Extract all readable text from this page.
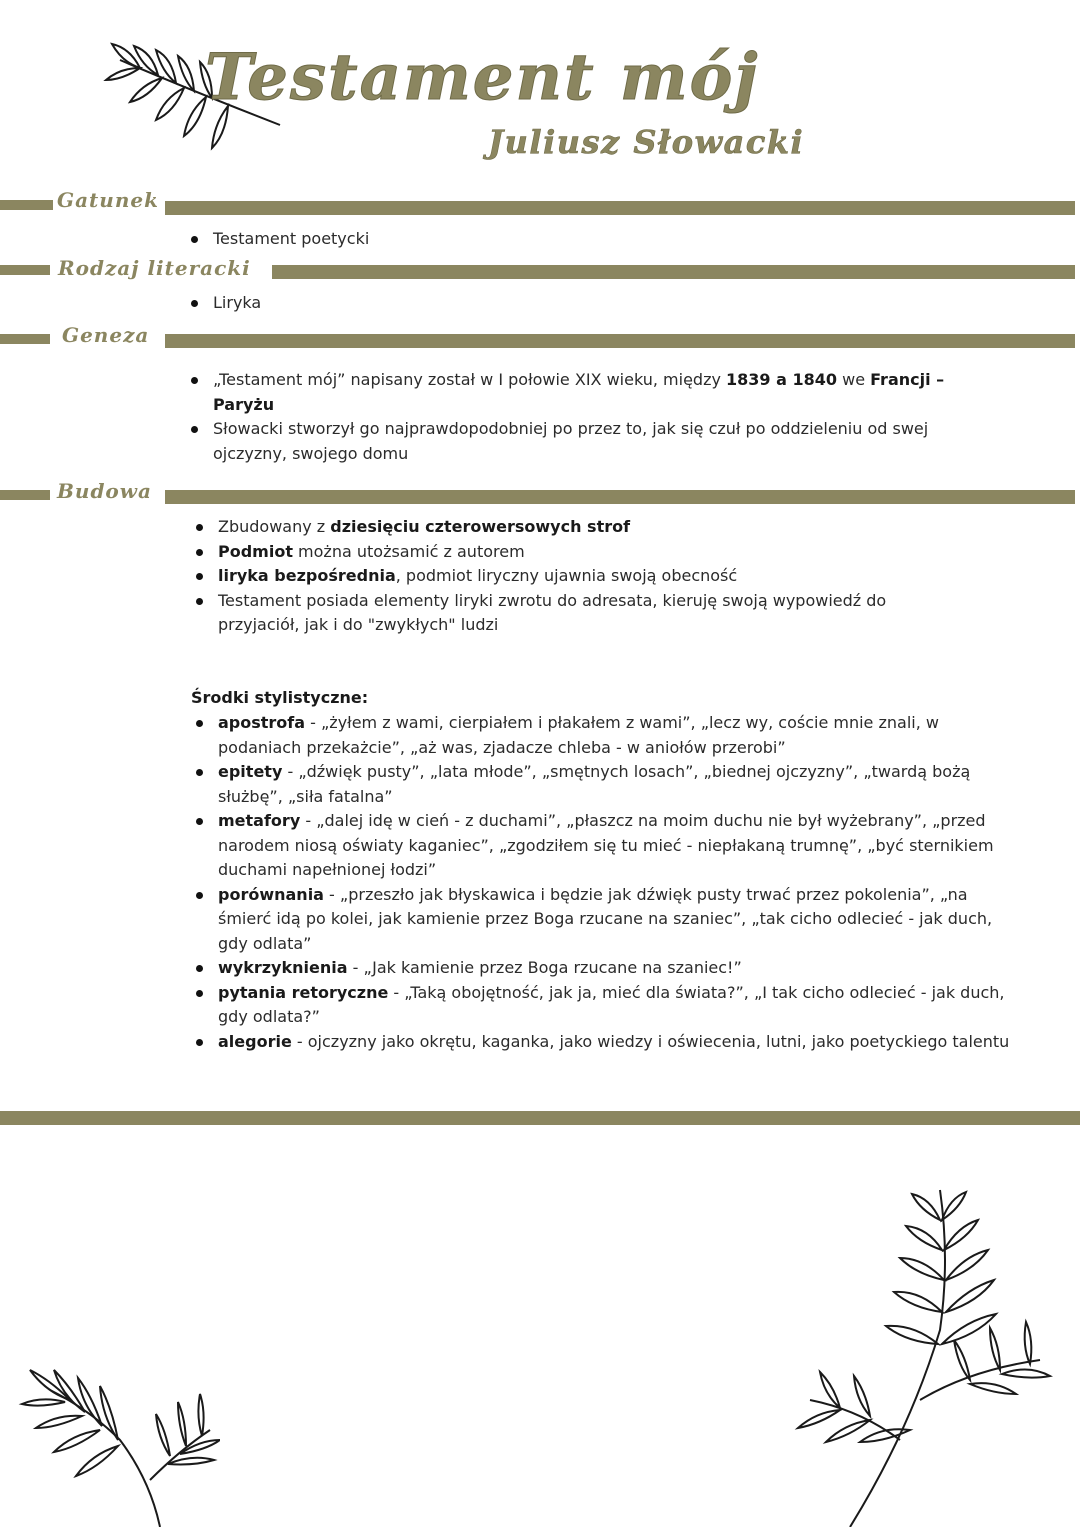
Testament mój
Juliusz Słowacki
Gatunek
Testament poetycki
Rodzaj literacki
Liryka
Geneza
„Testament mój” napisany został w I połowie XIX wieku, między 1839 a 1840 we Francji – Paryżu
Słowacki stworzył go najprawdopodobniej po przez to, jak się czuł po oddzieleniu od swej ojczyzny, swojego domu
Budowa
Zbudowany z dziesięciu czterowersowych strof
Podmiot można utożsamić z autorem
liryka bezpośrednia, podmiot liryczny ujawnia swoją obecność
Testament posiada elementy liryki zwrotu do adresata, kieruję swoją wypowiedź do przyjaciół, jak i do "zwykłych" ludzi

Środki stylistyczne:

apostrofa - „żyłem z wami, cierpiałem i płakałem z wami”, „lecz wy, coście mnie znali, w podaniach przekażcie”, „aż was, zjadacze chleba - w aniołów przerobi”
epitety - „dźwięk pusty”, „lata młode”, „smętnych losach”, „biednej ojczyzny”, „twardą bożą służbę”, „siła fatalna”
metafory - „dalej idę w cień - z duchami”, „płaszcz na moim duchu nie był wyżebrany”, „przed narodem niosą oświaty kaganiec”, „zgodziłem się tu mieć - niepłakaną trumnę”, „być sternikiem duchami napełnionej łodzi”
porównania - „przeszło jak błyskawica i będzie jak dźwięk pusty trwać przez pokolenia”, „na śmierć idą po kolei, jak kamienie przez Boga rzucane na szaniec”, „tak cicho odlecieć - jak duch, gdy odlata”
wykrzyknienia - „Jak kamienie przez Boga rzucane na szaniec!”
pytania retoryczne - „Taką obojętność, jak ja, mieć dla świata?”, „I tak cicho odlecieć - jak duch, gdy odlata?”
alegorie - ojczyzny jako okrętu, kaganka, jako wiedzy i oświecenia, lutni, jako poetyckiego talentu
